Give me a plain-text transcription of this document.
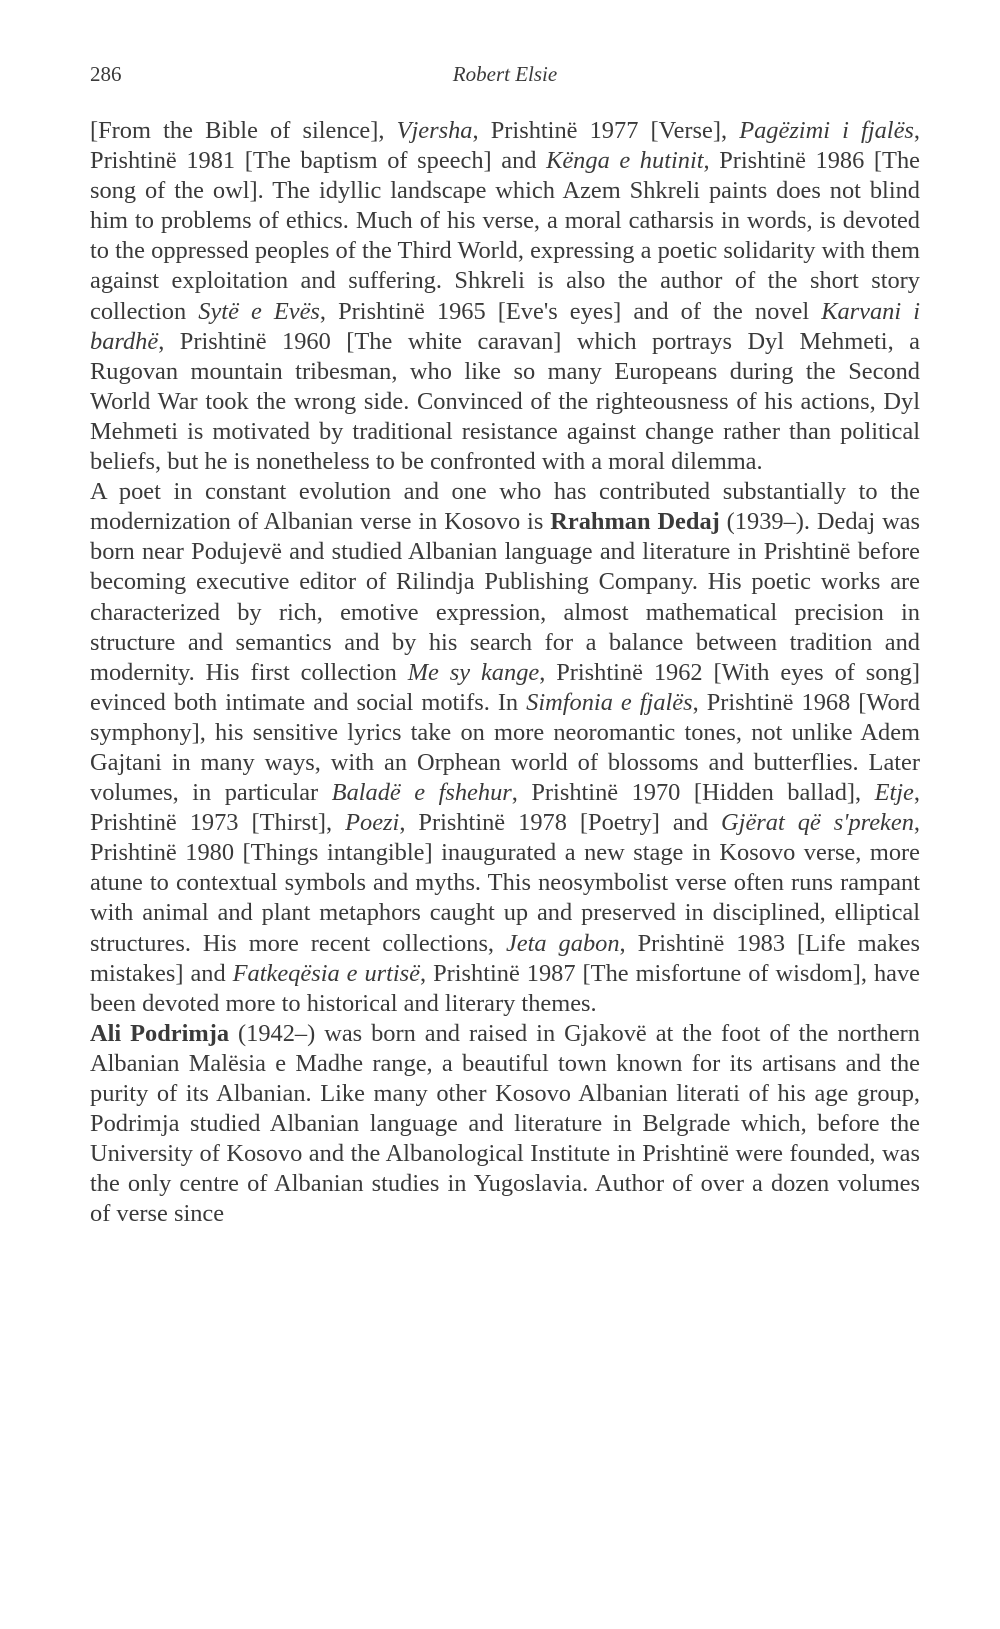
286	Robert Elsie

[From the Bible of silence], Vjersha, Prishtinë 1977 [Verse], Pagëzimi i fjalës, Prishtinë 1981 [The baptism of speech] and Kënga e hutinit, Prishtinë 1986 [The song of the owl]. The idyllic landscape which Azem Shkreli paints does not blind him to problems of ethics. Much of his verse, a moral catharsis in words, is devoted to the oppressed peoples of the Third World, expressing a poetic solidarity with them against exploitation and suffering. Shkreli is also the author of the short story collection Sytë e Evës, Prishtinë 1965 [Eve's eyes] and of the novel Karvani i bardhë, Prishtinë 1960 [The white caravan] which portrays Dyl Mehmeti, a Rugovan mountain tribesman, who like so many Europeans during the Second World War took the wrong side. Convinced of the righteousness of his actions, Dyl Mehmeti is motivated by traditional resistance against change rather than political beliefs, but he is nonetheless to be confronted with a moral dilemma.

A poet in constant evolution and one who has contributed substantially to the modernization of Albanian verse in Kosovo is Rrahman Dedaj (1939–). Dedaj was born near Podujevë and studied Albanian language and literature in Prishtinë before becoming executive editor of Rilindja Publishing Company. His poetic works are characterized by rich, emotive expression, almost mathematical precision in structure and semantics and by his search for a balance between tradition and modernity. His first collection Me sy kange, Prishtinë 1962 [With eyes of song] evinced both intimate and social motifs. In Simfonia e fjalës, Prishtinë 1968 [Word symphony], his sensitive lyrics take on more neoromantic tones, not unlike Adem Gajtani in many ways, with an Orphean world of blossoms and butterflies. Later volumes, in particular Baladë e fshehur, Prishtinë 1970 [Hidden ballad], Etje, Prishtinë 1973 [Thirst], Poezi, Prishtinë 1978 [Poetry] and Gjërat që s'preken, Prishtinë 1980 [Things intangible] inaugurated a new stage in Kosovo verse, more atune to contextual symbols and myths. This neosymbolist verse often runs rampant with animal and plant metaphors caught up and preserved in disciplined, elliptical structures. His more recent collections, Jeta gabon, Prishtinë 1983 [Life makes mistakes] and Fatkeqësia e urtisë, Prishtinë 1987 [The misfortune of wisdom], have been devoted more to historical and literary themes.

Ali Podrimja (1942–) was born and raised in Gjakovë at the foot of the northern Albanian Malësia e Madhe range, a beautiful town known for its artisans and the purity of its Albanian. Like many other Kosovo Albanian literati of his age group, Podrimja studied Albanian language and literature in Belgrade which, before the University of Kosovo and the Albanological Institute in Prishtinë were founded, was the only centre of Albanian studies in Yugoslavia. Author of over a dozen volumes of verse since
